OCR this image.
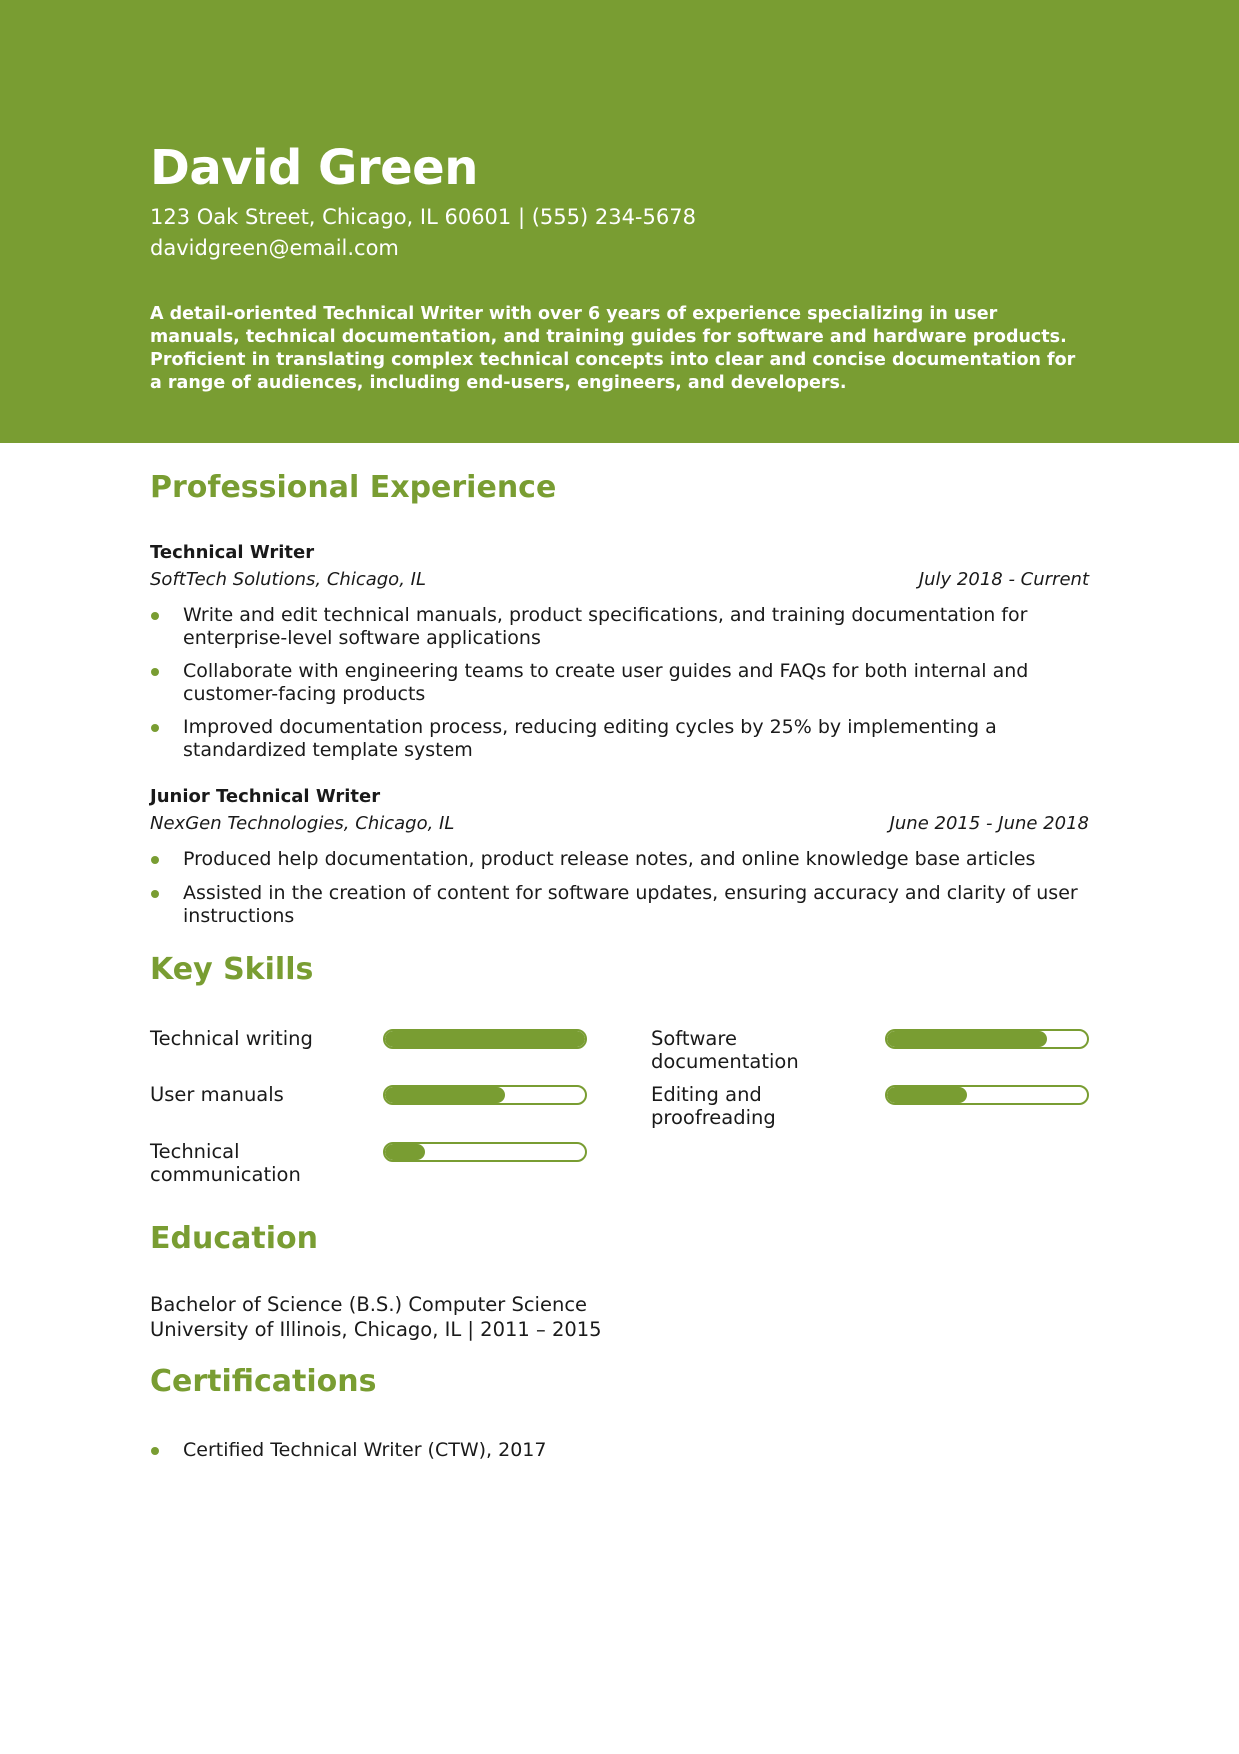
David Green
123 Oak Street, Chicago, IL 60601 | (555) 234-5678
davidgreen@email.com
A detail-oriented Technical Writer with over 6 years of experience specializing in user manuals, technical documentation, and training guides for software and hardware products. Proficient in translating complex technical concepts into clear and concise documentation for a range of audiences, including end-users, engineers, and developers.
Professional Experience
Technical Writer
SoftTech Solutions, Chicago, IL	July 2018 - Current
Write and edit technical manuals, product specifications, and training documentation for enterprise-level software applications
Collaborate with engineering teams to create user guides and FAQs for both internal and customer-facing products
Improved documentation process, reducing editing cycles by 25% by implementing a standardized template system
Junior Technical Writer
NexGen Technologies, Chicago, IL	June 2015 - June 2018
Produced help documentation, product release notes, and online knowledge base articles
Assisted in the creation of content for software updates, ensuring accuracy and clarity of user instructions
Key Skills
Technical writing	Software documentation
User manuals	Editing and proofreading
Technical communication
Education
Bachelor of Science (B.S.) Computer Science
University of Illinois, Chicago, IL | 2011 – 2015
Certifications
Certified Technical Writer (CTW), 2017
